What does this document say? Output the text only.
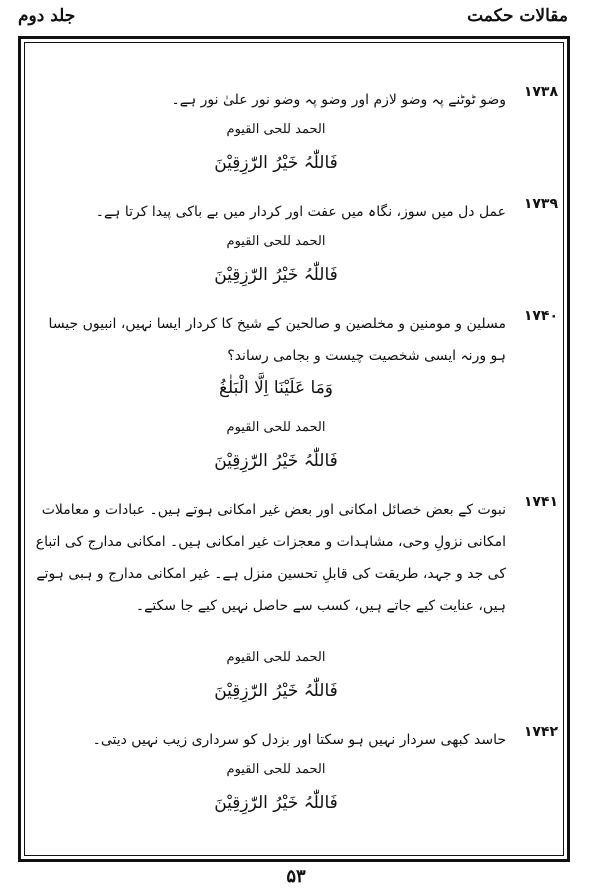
مقالات حکمت
جلد دوم
۱۷۳۸
وضو ٹوٹنے پہ وضو لازم اور وضو پہ وضو نور علیٰ نور ہے۔
الحمد للحی القیوم
فَاللّٰہُ خَیْرُ الرّٰزِقِیْنَ
۱۷۳۹
عمل دل میں سوز، نگاہ میں عفت اور کردار میں بے باکی پیدا کرتا ہے۔
الحمد للحی القیوم
فَاللّٰہُ خَیْرُ الرّٰزِقِیْنَ
۱۷۴۰
مسلین و مومنین و مخلصین و صالحین کے شیخ کا کردار ایسا نہیں، انبیوں جیسا ہو ورنہ ایسی شخصیت چیست و بجامی رساند؟
وَمَا عَلَیْنَا اِلَّا الْبَلٰغُ
الحمد للحی القیوم
فَاللّٰہُ خَیْرُ الرّٰزِقِیْنَ
۱۷۴۱
نبوت کے بعض خصائل امکانی اور بعض غیر امکانی ہوتے ہیں۔ عبادات و معاملات امکانی نزولِ وحی، مشاہدات و معجزات غیر امکانی ہیں۔ امکانی مدارج کی اتباع کی جد و جہد، طریقت کی قابلِ تحسین منزل ہے۔ غیر امکانی مدارج و ہبی ہوتے ہیں، عنایت کیے جاتے ہیں، کسب سے حاصل نہیں کیے جا سکتے۔
الحمد للحی القیوم
فَاللّٰہُ خَیْرُ الرّٰزِقِیْنَ
۱۷۴۲
حاسد کبھی سردار نہیں ہو سکتا اور بزدل کو سرداری زیب نہیں دیتی۔
الحمد للحی القیوم
فَاللّٰہُ خَیْرُ الرّٰزِقِیْنَ
۵۳
